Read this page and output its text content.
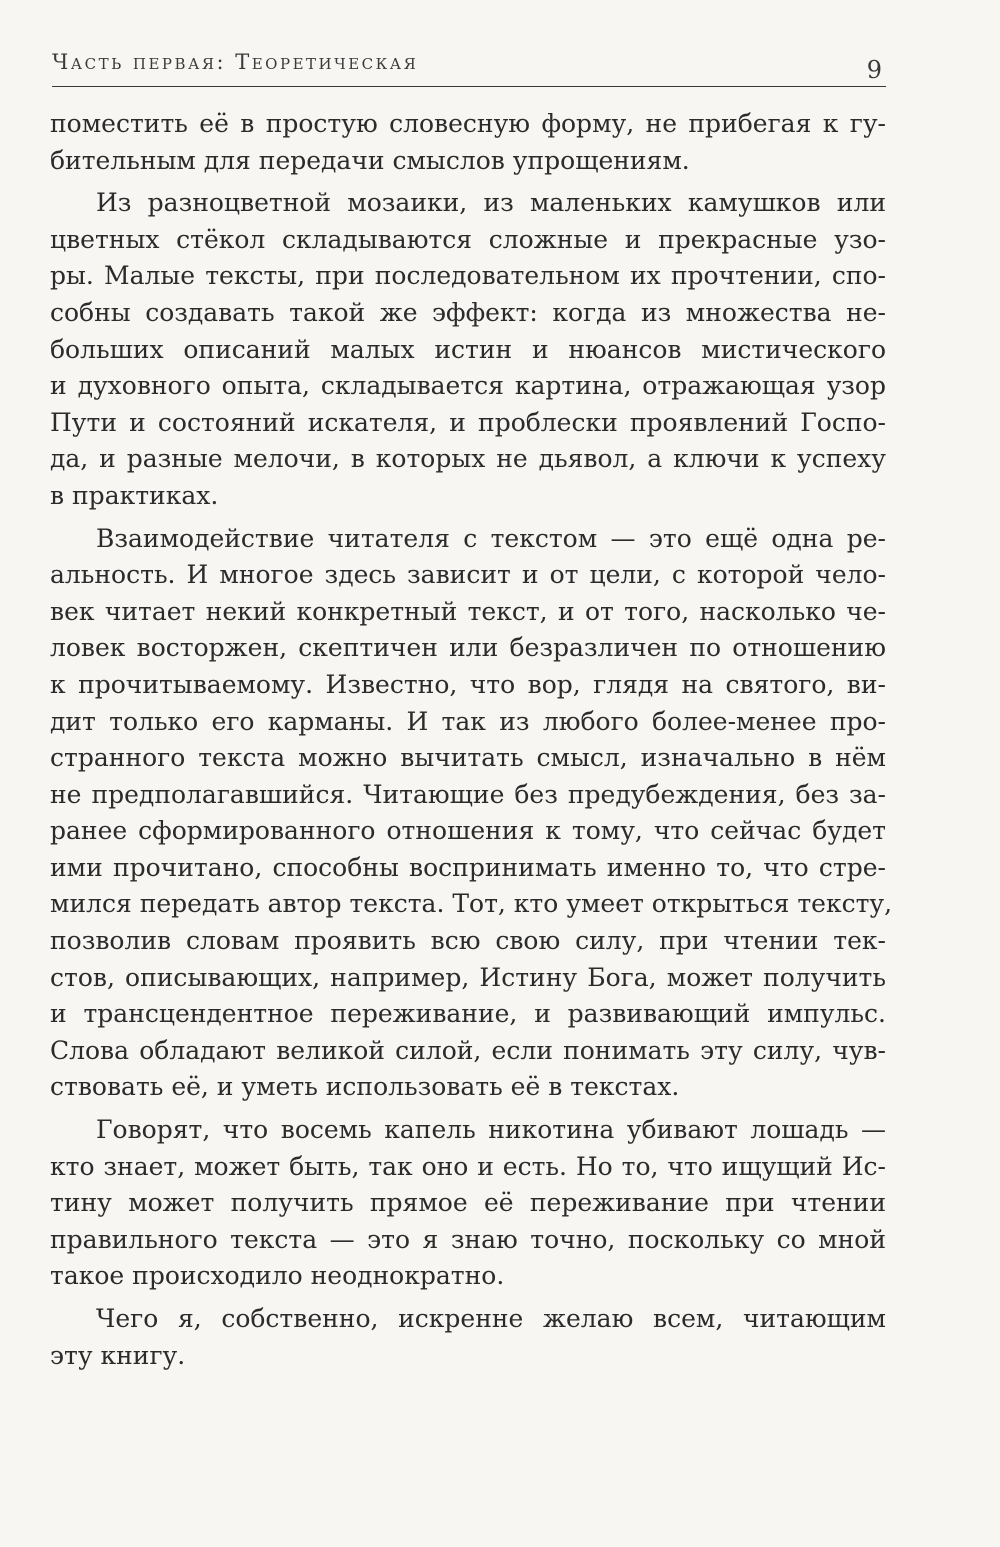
Часть первая: Теоретическая	9

поместить её в простую словесную форму, не прибегая к гу-
бительным для передачи смыслов упрощениям.

Из разноцветной мозаики, из маленьких камушков или
цветных стёкол складываются сложные и прекрасные узо-
ры. Малые тексты, при последовательном их прочтении, спо-
собны создавать такой же эффект: когда из множества не-
больших описаний малых истин и нюансов мистического
и духовного опыта, складывается картина, отражающая узор
Пути и состояний искателя, и проблески проявлений Госпо-
да, и разные мелочи, в которых не дьявол, а ключи к успеху
в практиках.

Взаимодействие читателя с текстом — это ещё одна ре-
альность. И многое здесь зависит и от цели, с которой чело-
век читает некий конкретный текст, и от того, насколько че-
ловек восторжен, скептичен или безразличен по отношению
к прочитываемому. Известно, что вор, глядя на святого, ви-
дит только его карманы. И так из любого более-менее про-
странного текста можно вычитать смысл, изначально в нём
не предполагавшийся. Читающие без предубеждения, без за-
ранее сформированного отношения к тому, что сейчас будет
ими прочитано, способны воспринимать именно то, что стре-
мился передать автор текста. Тот, кто умеет открыться тексту,
позволив словам проявить всю свою силу, при чтении тек-
стов, описывающих, например, Истину Бога, может получить
и трансцендентное переживание, и развивающий импульс.
Слова обладают великой силой, если понимать эту силу, чув-
ствовать её, и уметь использовать её в текстах.

Говорят, что восемь капель никотина убивают лошадь —
кто знает, может быть, так оно и есть. Но то, что ищущий Ис-
тину может получить прямое её переживание при чтении
правильного текста — это я знаю точно, поскольку со мной
такое происходило неоднократно.

Чего я, собственно, искренне желаю всем, читающим
эту книгу.
